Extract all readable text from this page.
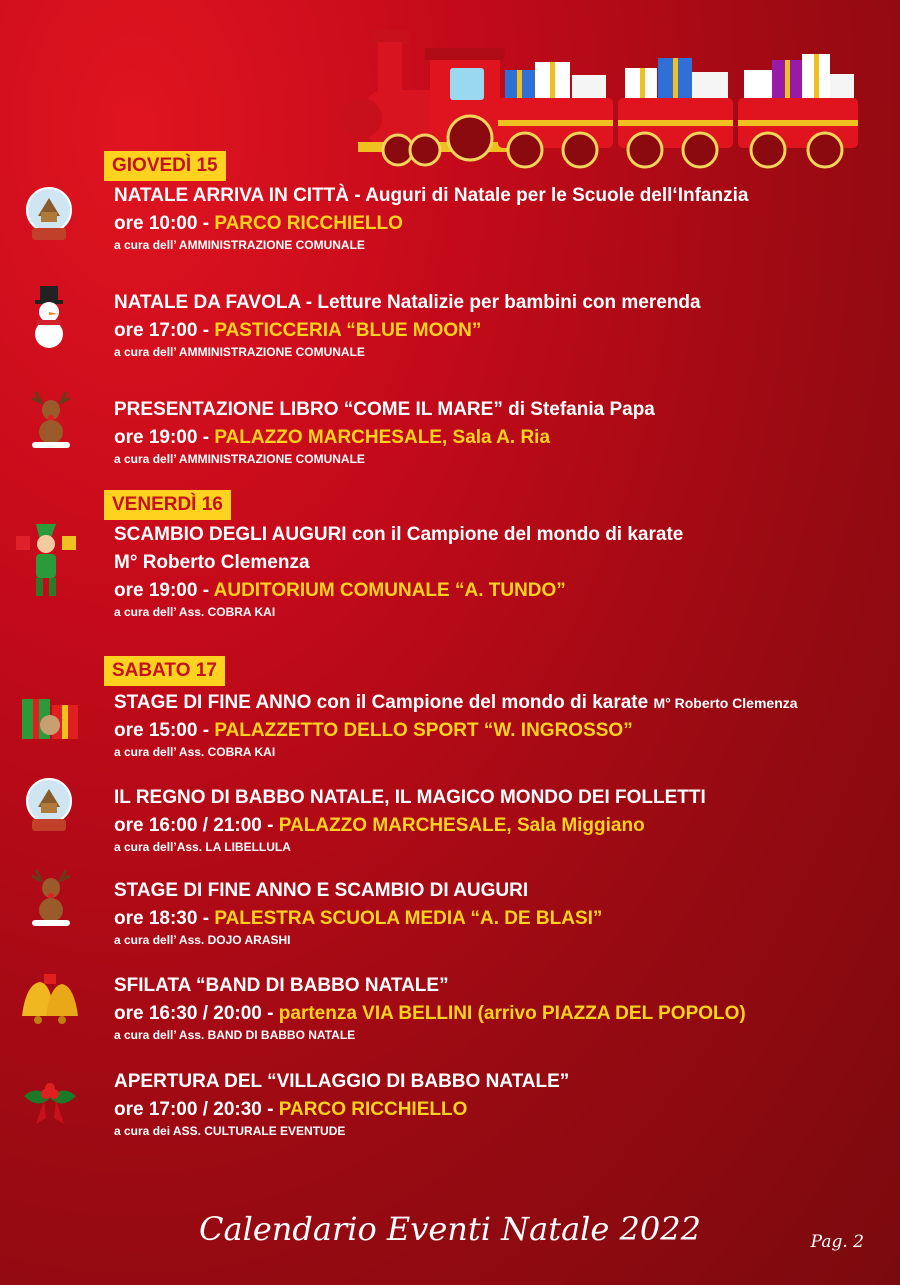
GIOVEDÌ 15
VENERDÌ 16
SABATO 17
NATALE ARRIVA IN CITTÀ - Auguri di Natale per le Scuole dell‘Infanzia
ore 10:00 - PARCO RICCHIELLO
a cura dell’ AMMINISTRAZIONE COMUNALE
NATALE DA FAVOLA - Letture Natalizie per bambini con merenda
ore 17:00 - PASTICCERIA “BLUE MOON”
a cura dell’ AMMINISTRAZIONE COMUNALE
PRESENTAZIONE LIBRO “COME IL MARE” di Stefania Papa
ore 19:00 - PALAZZO MARCHESALE, Sala A. Ria
a cura dell’ AMMINISTRAZIONE COMUNALE
SCAMBIO DEGLI AUGURI con il Campione del mondo di karate
M° Roberto Clemenza
ore 19:00 - AUDITORIUM COMUNALE “A. TUNDO”
a cura dell’ Ass. COBRA KAI
STAGE DI FINE ANNO con il Campione del mondo di karate M° Roberto Clemenza
ore 15:00 - PALAZZETTO DELLO SPORT “W. INGROSSO”
a cura dell’ Ass. COBRA KAI
IL REGNO DI BABBO NATALE, IL MAGICO MONDO DEI FOLLETTI
ore 16:00 / 21:00 - PALAZZO MARCHESALE, Sala Miggiano
a cura dell’Ass. LA LIBELLULA
STAGE DI FINE ANNO E SCAMBIO DI AUGURI
ore 18:30 - PALESTRA SCUOLA MEDIA “A. DE BLASI”
a cura dell’ Ass. DOJO ARASHI
SFILATA “BAND DI BABBO NATALE”
ore 16:30 / 20:00 - partenza VIA BELLINI (arrivo PIAZZA DEL POPOLO)
a cura dell’ Ass. BAND DI BABBO NATALE
APERTURA DEL “VILLAGGIO DI BABBO NATALE”
ore 17:00 / 20:30 - PARCO RICCHIELLO
a cura dei ASS. CULTURALE EVENTUDE
Calendario Eventi Natale 2022	Pag. 2
